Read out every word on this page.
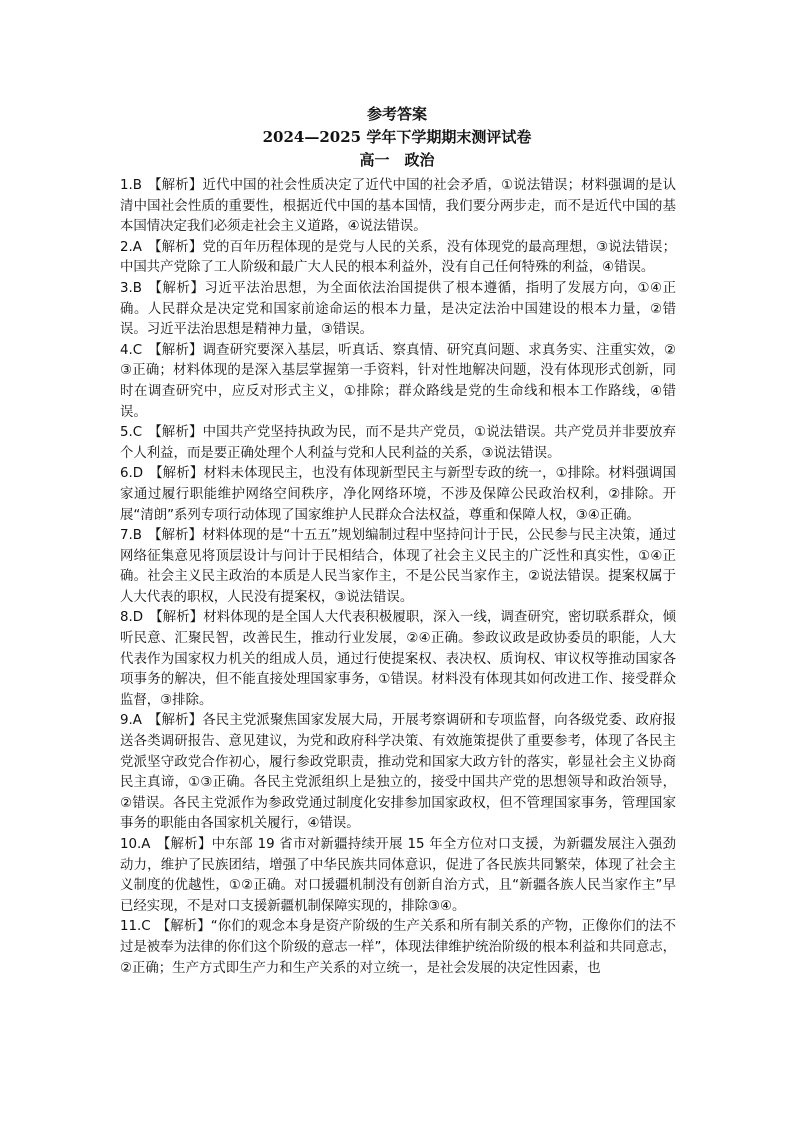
参考答案
2024—2025 学年下学期期末测评试卷
高一　政治

1.B 【解析】近代中国的社会性质决定了近代中国的社会矛盾，①说法错误；材料强调的是认清中国社会性质的重要性，根据近代中国的基本国情，我们要分两步走，而不是近代中国的基本国情决定我们必须走社会主义道路，④说法错误。

2.A 【解析】党的百年历程体现的是党与人民的关系，没有体现党的最高理想，③说法错误；中国共产党除了工人阶级和最广大人民的根本利益外，没有自己任何特殊的利益，④错误。

3.B 【解析】习近平法治思想，为全面依法治国提供了根本遵循，指明了发展方向，①④正确。人民群众是决定党和国家前途命运的根本力量，是决定法治中国建设的根本力量，②错误。习近平法治思想是精神力量，③错误。

4.C 【解析】调查研究要深入基层，听真话、察真情、研究真问题、求真务实、注重实效，②③正确；材料体现的是深入基层掌握第一手资料，针对性地解决问题，没有体现形式创新，同时在调查研究中，应反对形式主义，①排除；群众路线是党的生命线和根本工作路线，④错误。

5.C 【解析】中国共产党坚持执政为民，而不是共产党员，①说法错误。共产党员并非要放弃个人利益，而是要正确处理个人利益与党和人民利益的关系，③说法错误。

6.D 【解析】材料未体现民主，也没有体现新型民主与新型专政的统一，①排除。材料强调国家通过履行职能维护网络空间秩序，净化网络环境，不涉及保障公民政治权利，②排除。开展“清朗”系列专项行动体现了国家维护人民群众合法权益，尊重和保障人权，③④正确。

7.B 【解析】材料体现的是“十五五”规划编制过程中坚持问计于民，公民参与民主决策，通过网络征集意见将顶层设计与问计于民相结合，体现了社会主义民主的广泛性和真实性，①④正确。社会主义民主政治的本质是人民当家作主，不是公民当家作主，②说法错误。提案权属于人大代表的职权，人民没有提案权，③说法错误。

8.D 【解析】材料体现的是全国人大代表积极履职，深入一线，调查研究，密切联系群众，倾听民意、汇聚民智，改善民生，推动行业发展，②④正确。参政议政是政协委员的职能，人大代表作为国家权力机关的组成人员，通过行使提案权、表决权、质询权、审议权等推动国家各项事务的解决，但不能直接处理国家事务，①错误。材料没有体现其如何改进工作、接受群众监督，③排除。

9.A 【解析】各民主党派聚焦国家发展大局，开展考察调研和专项监督，向各级党委、政府报送各类调研报告、意见建议，为党和政府科学决策、有效施策提供了重要参考，体现了各民主党派坚守政党合作初心，履行参政党职责，推动党和国家大政方针的落实，彰显社会主义协商民主真谛，①③正确。各民主党派组织上是独立的，接受中国共产党的思想领导和政治领导，②错误。各民主党派作为参政党通过制度化安排参加国家政权，但不管理国家事务，管理国家事务的职能由各国家机关履行，④错误。

10.A 【解析】中东部 19 省市对新疆持续开展 15 年全方位对口支援，为新疆发展注入强劲动力，维护了民族团结，增强了中华民族共同体意识，促进了各民族共同繁荣，体现了社会主义制度的优越性，①②正确。对口援疆机制没有创新自治方式，且“新疆各族人民当家作主”早已经实现，不是对口支援新疆机制保障实现的，排除③④。

11.C 【解析】“你们的观念本身是资产阶级的生产关系和所有制关系的产物，正像你们的法不过是被奉为法律的你们这个阶级的意志一样”，体现法律维护统治阶级的根本利益和共同意志，②正确；生产方式即生产力和生产关系的对立统一，是社会发展的决定性因素，也
